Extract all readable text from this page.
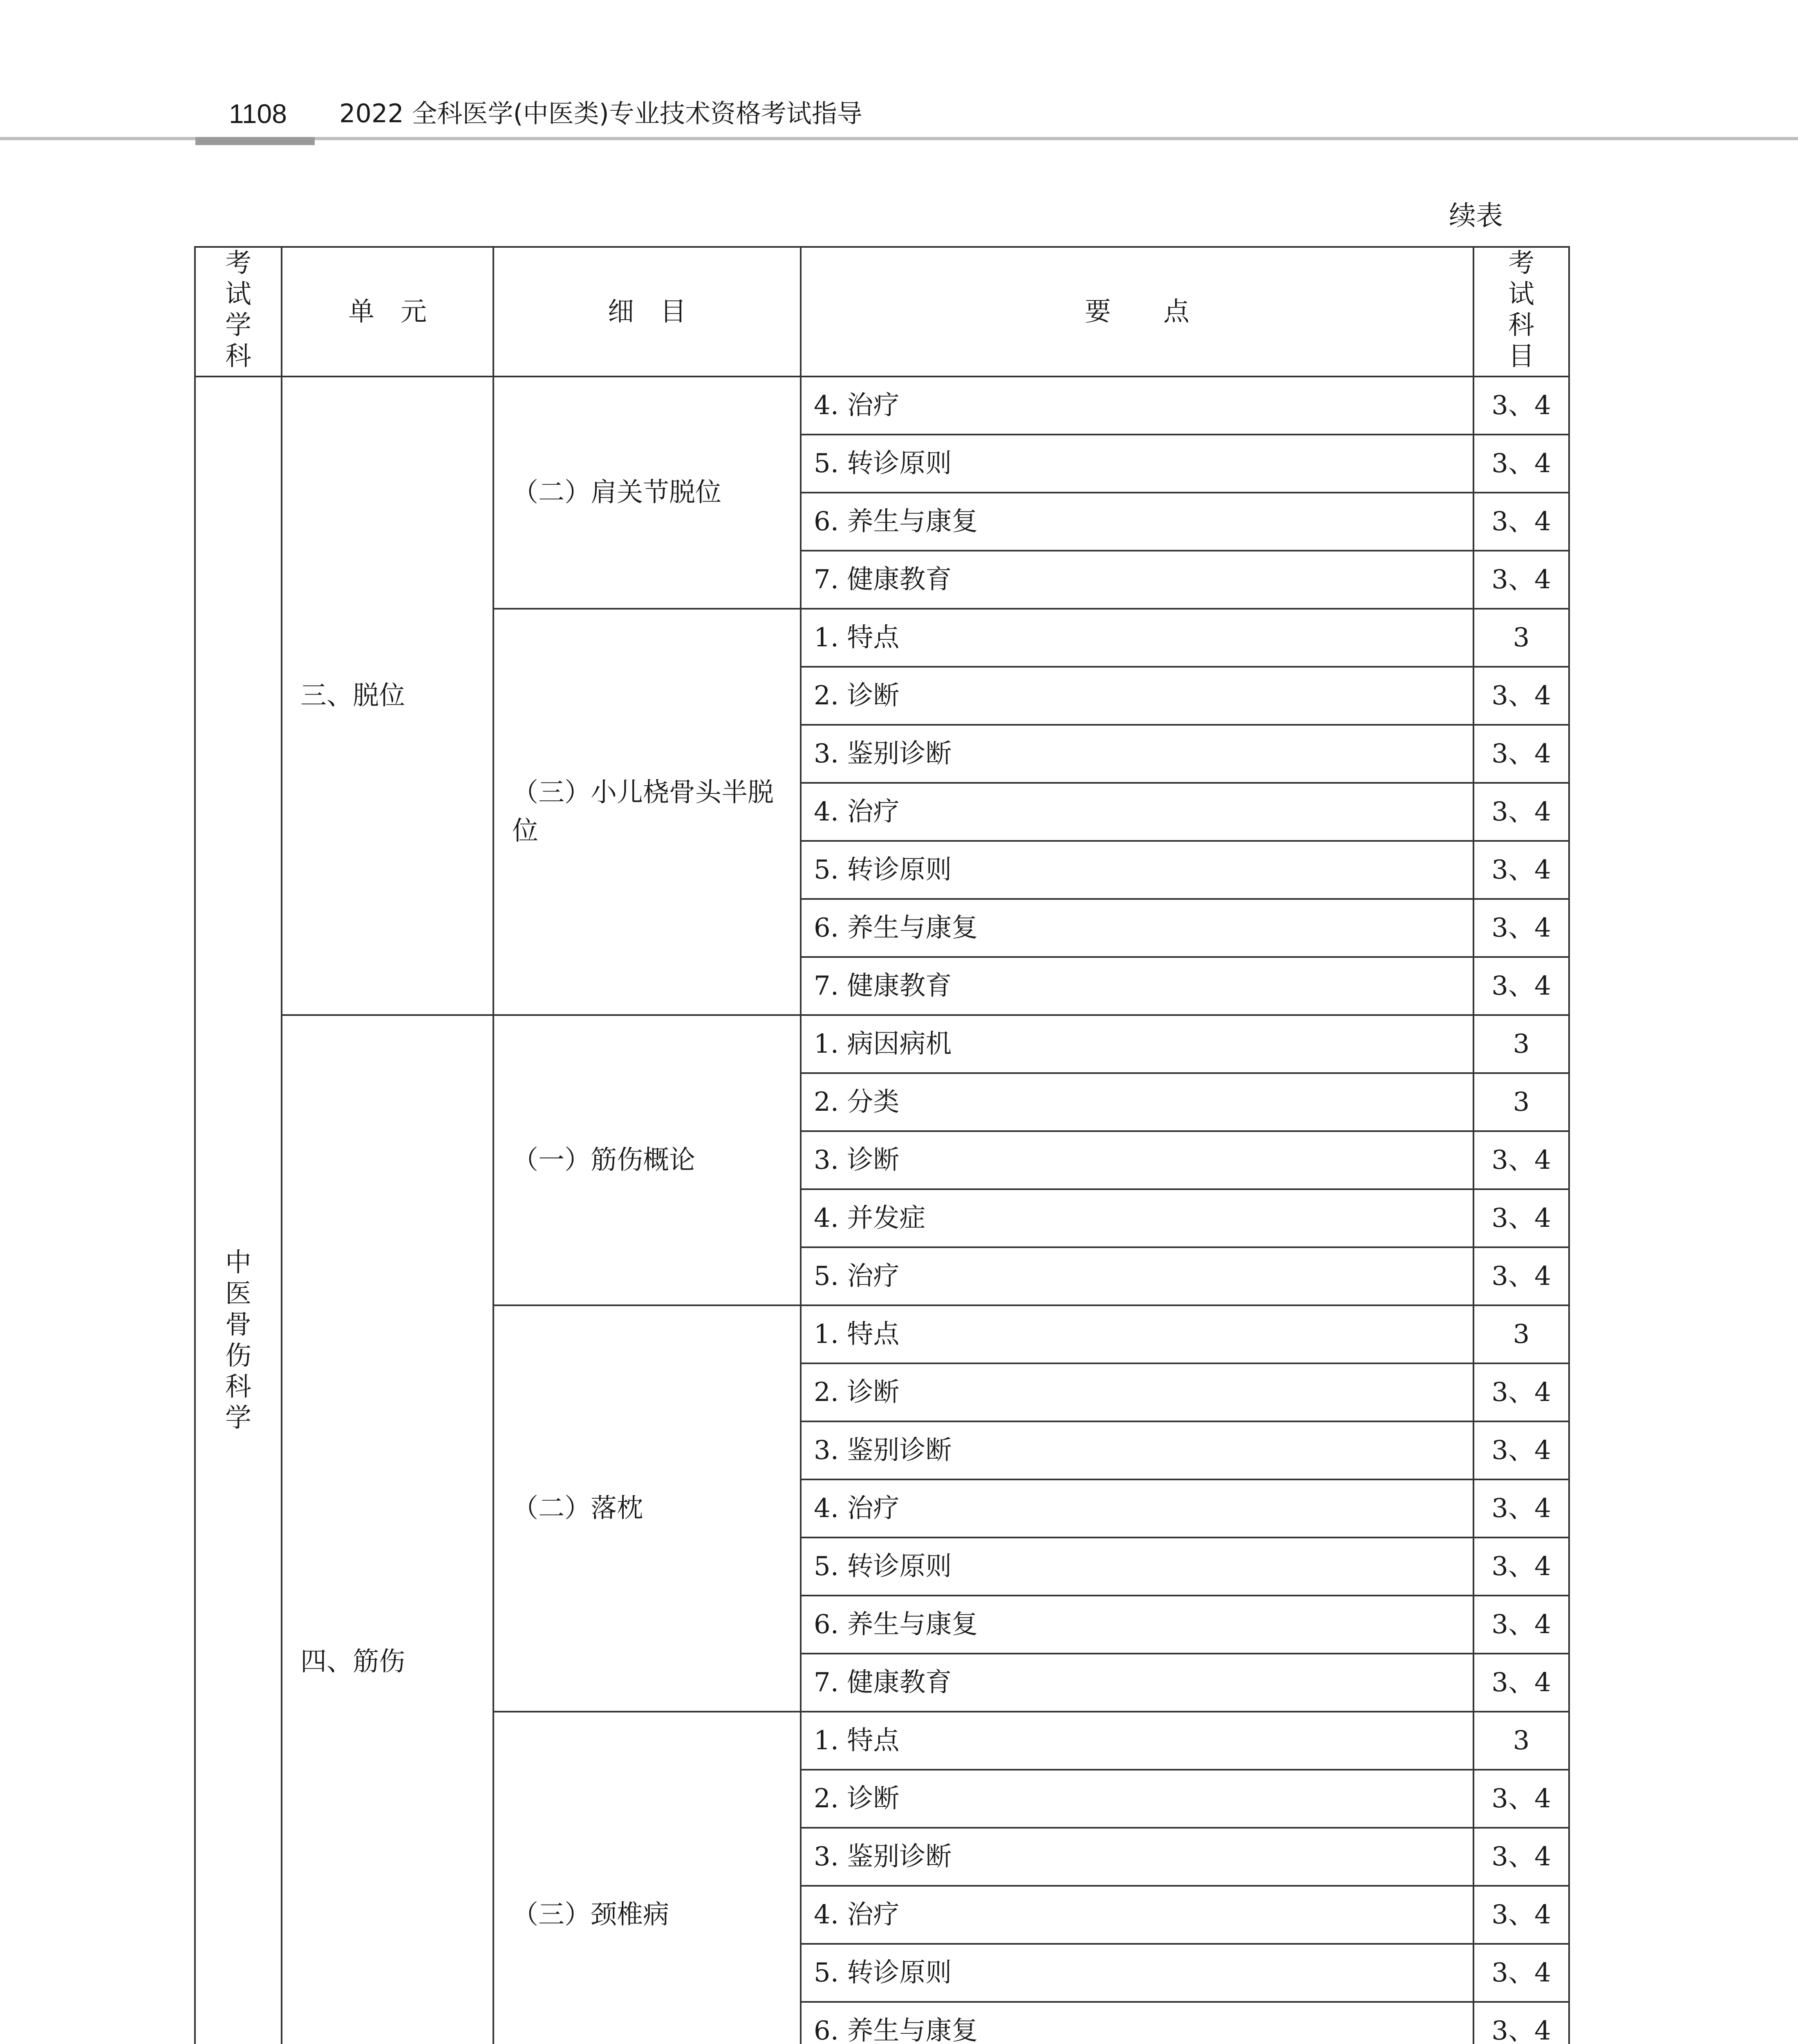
1108 2022 全科医学(中医类)专业技术资格考试指导
续表
考试学科	单　元	细　目	要　　点	考试科目
中医骨伤科学	三、脱位	（二）肩关节脱位	4. 治疗	3、4
			5. 转诊原则	3、4
			6. 养生与康复	3、4
			7. 健康教育	3、4
		（三）小儿桡骨头半脱位	1. 特点	3
			2. 诊断	3、4
			3. 鉴别诊断	3、4
			4. 治疗	3、4
			5. 转诊原则	3、4
			6. 养生与康复	3、4
			7. 健康教育	3、4
	四、筋伤	（一）筋伤概论	1. 病因病机	3
			2. 分类	3
			3. 诊断	3、4
			4. 并发症	3、4
			5. 治疗	3、4
		（二）落枕	1. 特点	3
			2. 诊断	3、4
			3. 鉴别诊断	3、4
			4. 治疗	3、4
			5. 转诊原则	3、4
			6. 养生与康复	3、4
			7. 健康教育	3、4
		（三）颈椎病	1. 特点	3
			2. 诊断	3、4
			3. 鉴别诊断	3、4
			4. 治疗	3、4
			5. 转诊原则	3、4
			6. 养生与康复	3、4
